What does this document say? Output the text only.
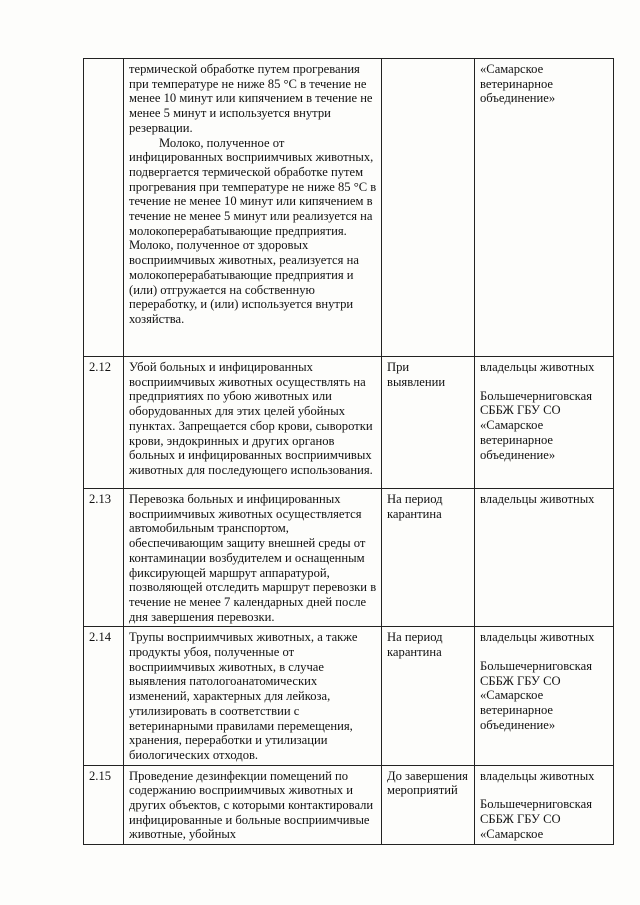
	термической обработке путем прогревания при температуре не ниже 85 °С в течение не менее 10 минут или кипячением в течение не менее 5 минут и используется внутри резервации.

Молоко, полученное от инфицированных восприимчивых животных, подвергается термической обработке путем прогревания при температуре не ниже 85 °С в течение не менее 10 минут или кипячением в течение не менее 5 минут или реализуется на молокоперерабатывающие предприятия. Молоко, полученное от здоровых восприимчивых животных, реализуется на молокоперерабатывающие предприятия и (или) отгружается на собственную переработку, и (или) используется внутри хозяйства.		«Самарское ветеринарное объединение»

2.12	Убой больных и инфицированных восприимчивых животных осуществлять на предприятиях по убою животных или оборудованных для этих целей убойных пунктах. Запрещается сбор крови, сыворотки крови, эндокринных и других органов больных и инфицированных восприимчивых животных для последующего использования.	При выявлении	владельцы животных
Большечерниговская СББЖ ГБУ СО «Самарское ветеринарное объединение»

2.13	Перевозка больных и инфицированных восприимчивых животных осуществляется автомобильным транспортом, обеспечивающим защиту внешней среды от контаминации возбудителем и оснащенным фиксирующей маршрут аппаратурой, позволяющей отследить маршрут перевозки в течение не менее 7 календарных дней после дня завершения перевозки.	На период карантина	владельцы животных

2.14	Трупы восприимчивых животных, а также продукты убоя, полученные от восприимчивых животных, в случае выявления патологоанатомических изменений, характерных для лейкоза, утилизировать в соответствии с ветеринарными правилами перемещения, хранения, переработки и утилизации биологических отходов.	На период карантина	владельцы животных
Большечерниговская СББЖ ГБУ СО «Самарское ветеринарное объединение»

2.15	Проведение дезинфекции помещений по содержанию восприимчивых животных и других объектов, с которыми контактировали инфицированные и больные восприимчивые животные, убойных	До завершения мероприятий	владельцы животных
Большечерниговская СББЖ ГБУ СО «Самарское
